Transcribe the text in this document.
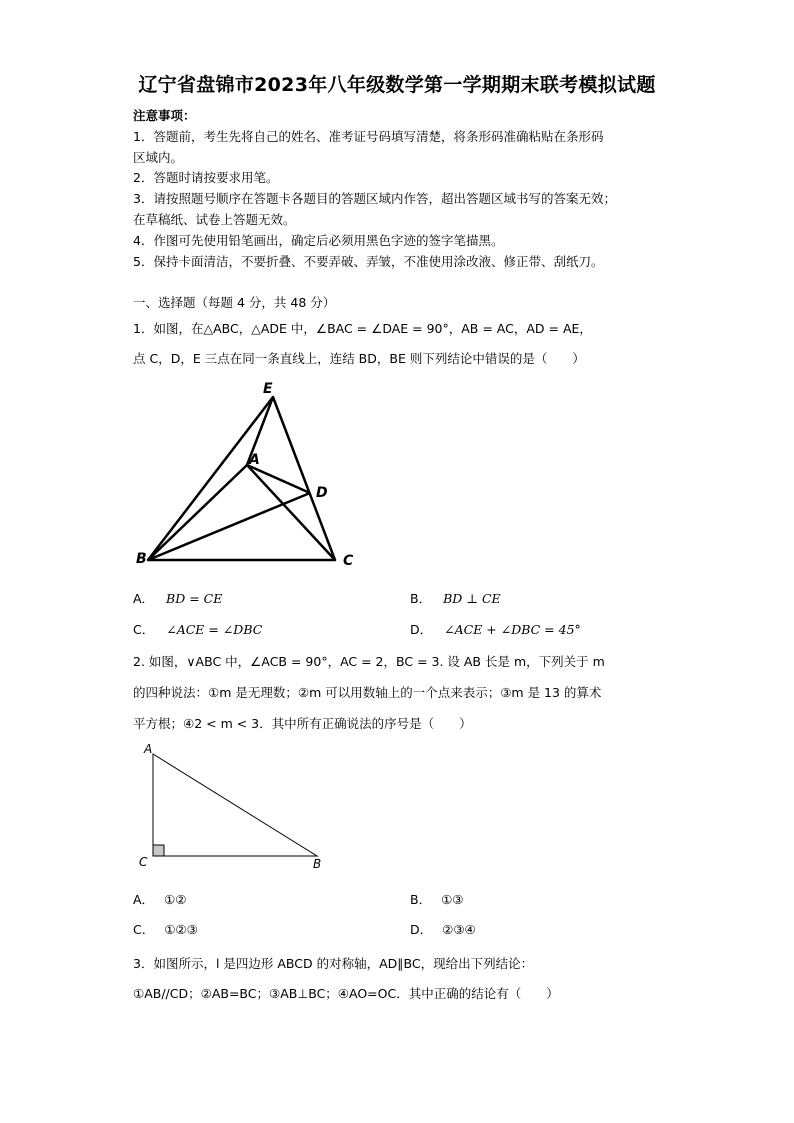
辽宁省盘锦市2023年八年级数学第一学期期末联考模拟试题
注意事项：
1．答题前，考生先将自己的姓名、准考证号码填写清楚，将条形码准确粘贴在条形码
区域内。
2．答题时请按要求用笔。
3．请按照题号顺序在答题卡各题目的答题区域内作答，超出答题区域书写的答案无效；
在草稿纸、试卷上答题无效。
4．作图可先使用铅笔画出，确定后必须用黑色字迹的签字笔描黑。
5．保持卡面清洁，不要折叠、不要弄破、弄皱，不准使用涂改液、修正带、刮纸刀。
一、选择题（每题 4 分，共 48 分）
1．如图，在△ABC，△ADE 中，∠BAC = ∠DAE = 90°，AB = AC，AD = AE，
点 C，D，E 三点在同一条直线上，连结 BD，BE 则下列结论中错误的是（　　）
E
A
D
B	C
A． BD = CE	B． BD ⊥ CE
C． ∠ACE = ∠DBC	D． ∠ACE + ∠DBC = 45°
2. 如图，∨ABC 中，∠ACB = 90°，AC = 2，BC = 3. 设 AB 长是 m，下列关于 m
的四种说法：①m 是无理数；②m 可以用数轴上的一个点来表示；③m 是 13 的算术
平方根；④2 < m < 3．其中所有正确说法的序号是（　　）
A
C	B
A． ①②	B． ①③
C． ①②③	D． ②③④
3．如图所示，l 是四边形 ABCD 的对称轴，AD∥BC，现给出下列结论：
①AB//CD；②AB=BC；③AB⊥BC；④AO=OC．其中正确的结论有（　　）
